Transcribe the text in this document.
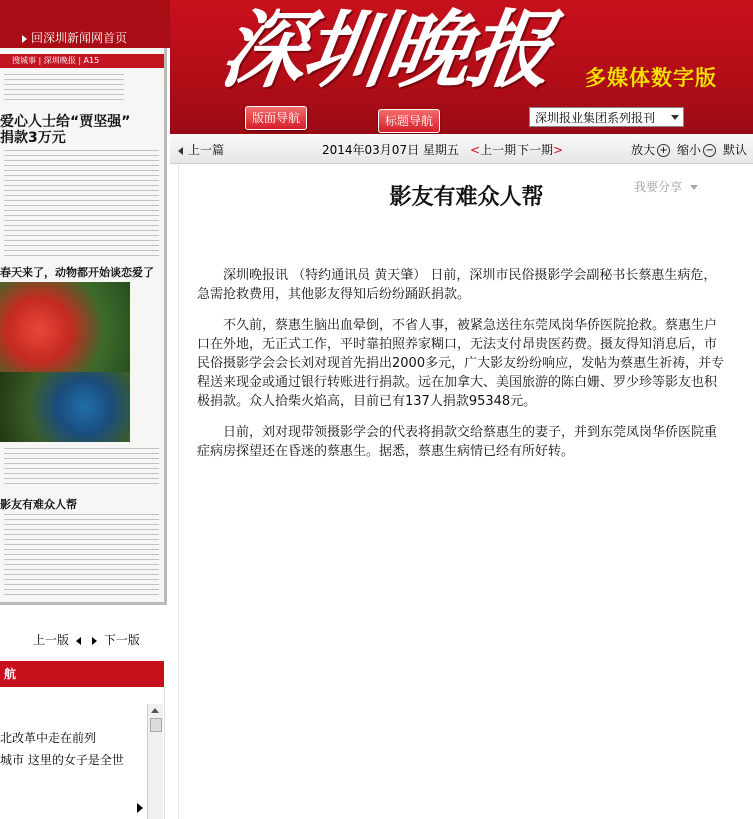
回深圳新闻网首页 深圳晚报 多媒体数字版
版面导航	标题导航	深圳报业集团系列报刊
搜城事 | 深圳晚报 | A15
爱心人士给“贾坚强”
捐款3万元
春天来了，动物都开始谈恋爱了
影友有难众人帮
上一版	下一版
航
北改革中走在前列
城市 这里的女子是全世
上一篇	2014年03月07日 星期五 <上一期 下一期>	放大 + 缩小 − 默认
影友有难众人帮	我要分享

深圳晚报讯 （特约通讯员 黄天肇） 日前，深圳市民俗摄影学会副秘书长蔡惠生病危，急需抢救费用，其他影友得知后纷纷踊跃捐款。

不久前，蔡惠生脑出血晕倒，不省人事，被紧急送往东莞凤岗华侨医院抢救。蔡惠生户口在外地，无正式工作，平时靠拍照养家糊口，无法支付昂贵医药费。摄友得知消息后，市民俗摄影学会会长刘对现首先捐出2000多元，广大影友纷纷响应，发帖为蔡惠生祈祷，并专程送来现金或通过银行转账进行捐款。远在加拿大、美国旅游的陈白姗、罗少珍等影友也积极捐款。众人拾柴火焰高，目前已有137人捐款95348元。

日前，刘对现带领摄影学会的代表将捐款交给蔡惠生的妻子，并到东莞凤岗华侨医院重症病房探望还在昏迷的蔡惠生。据悉，蔡惠生病情已经有所好转。
